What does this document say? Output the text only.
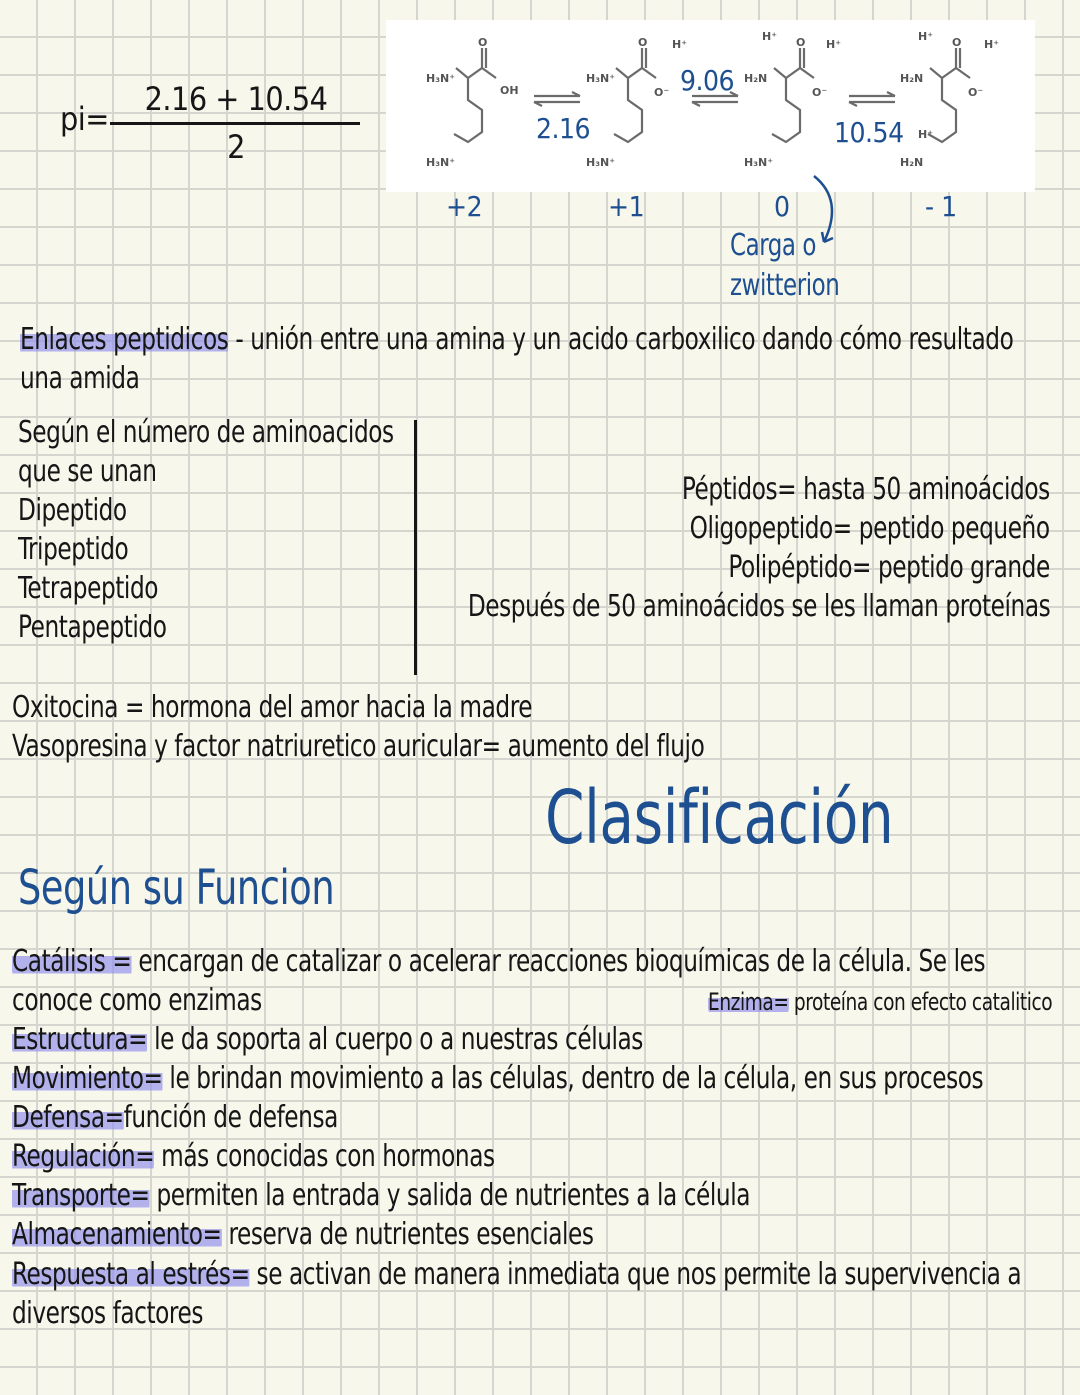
pi=
2.16 + 10.54
2
H₃N⁺
O
OH
H₃N⁺
H₃N⁺
O
O⁻
H⁺
H₃N⁺
H⁺
H₂N
O
O⁻
H⁺
H₃N⁺
H⁺
H₂N
O
O⁻
H⁺
H⁺
H₂N
2.16
9.06
10.54
+2	+1	0	- 1
Carga o
zwitterion
Enlaces peptidicos - unión entre una amina y un acido carboxilico dando cómo resultado
una amida
Según el número de aminoacidos
que se unan
Dipeptido
Tripeptido
Tetrapeptido
Pentapeptido
Péptidos= hasta 50 aminoácidos
Oligopeptido= peptido pequeño
Polipéptido= peptido grande
Después de 50 aminoácidos se les llaman proteínas
Oxitocina = hormona del amor hacia la madre
Vasopresina y factor natriuretico auricular= aumento del flujo
Clasificación
Según su Funcion
Catálisis = encargan de catalizar o acelerar reacciones bioquímicas de la célula. Se les
conoce como enzimas	Enzima= proteína con efecto catalitico
Estructura= le da soporta al cuerpo o a nuestras células
Movimiento= le brindan movimiento a las células, dentro de la célula, en sus procesos
Defensa=función de defensa
Regulación= más conocidas con hormonas
Transporte= permiten la entrada y salida de nutrientes a la célula
Almacenamiento= reserva de nutrientes esenciales
Respuesta al estrés= se activan de manera inmediata que nos permite la supervivencia a
diversos factores
